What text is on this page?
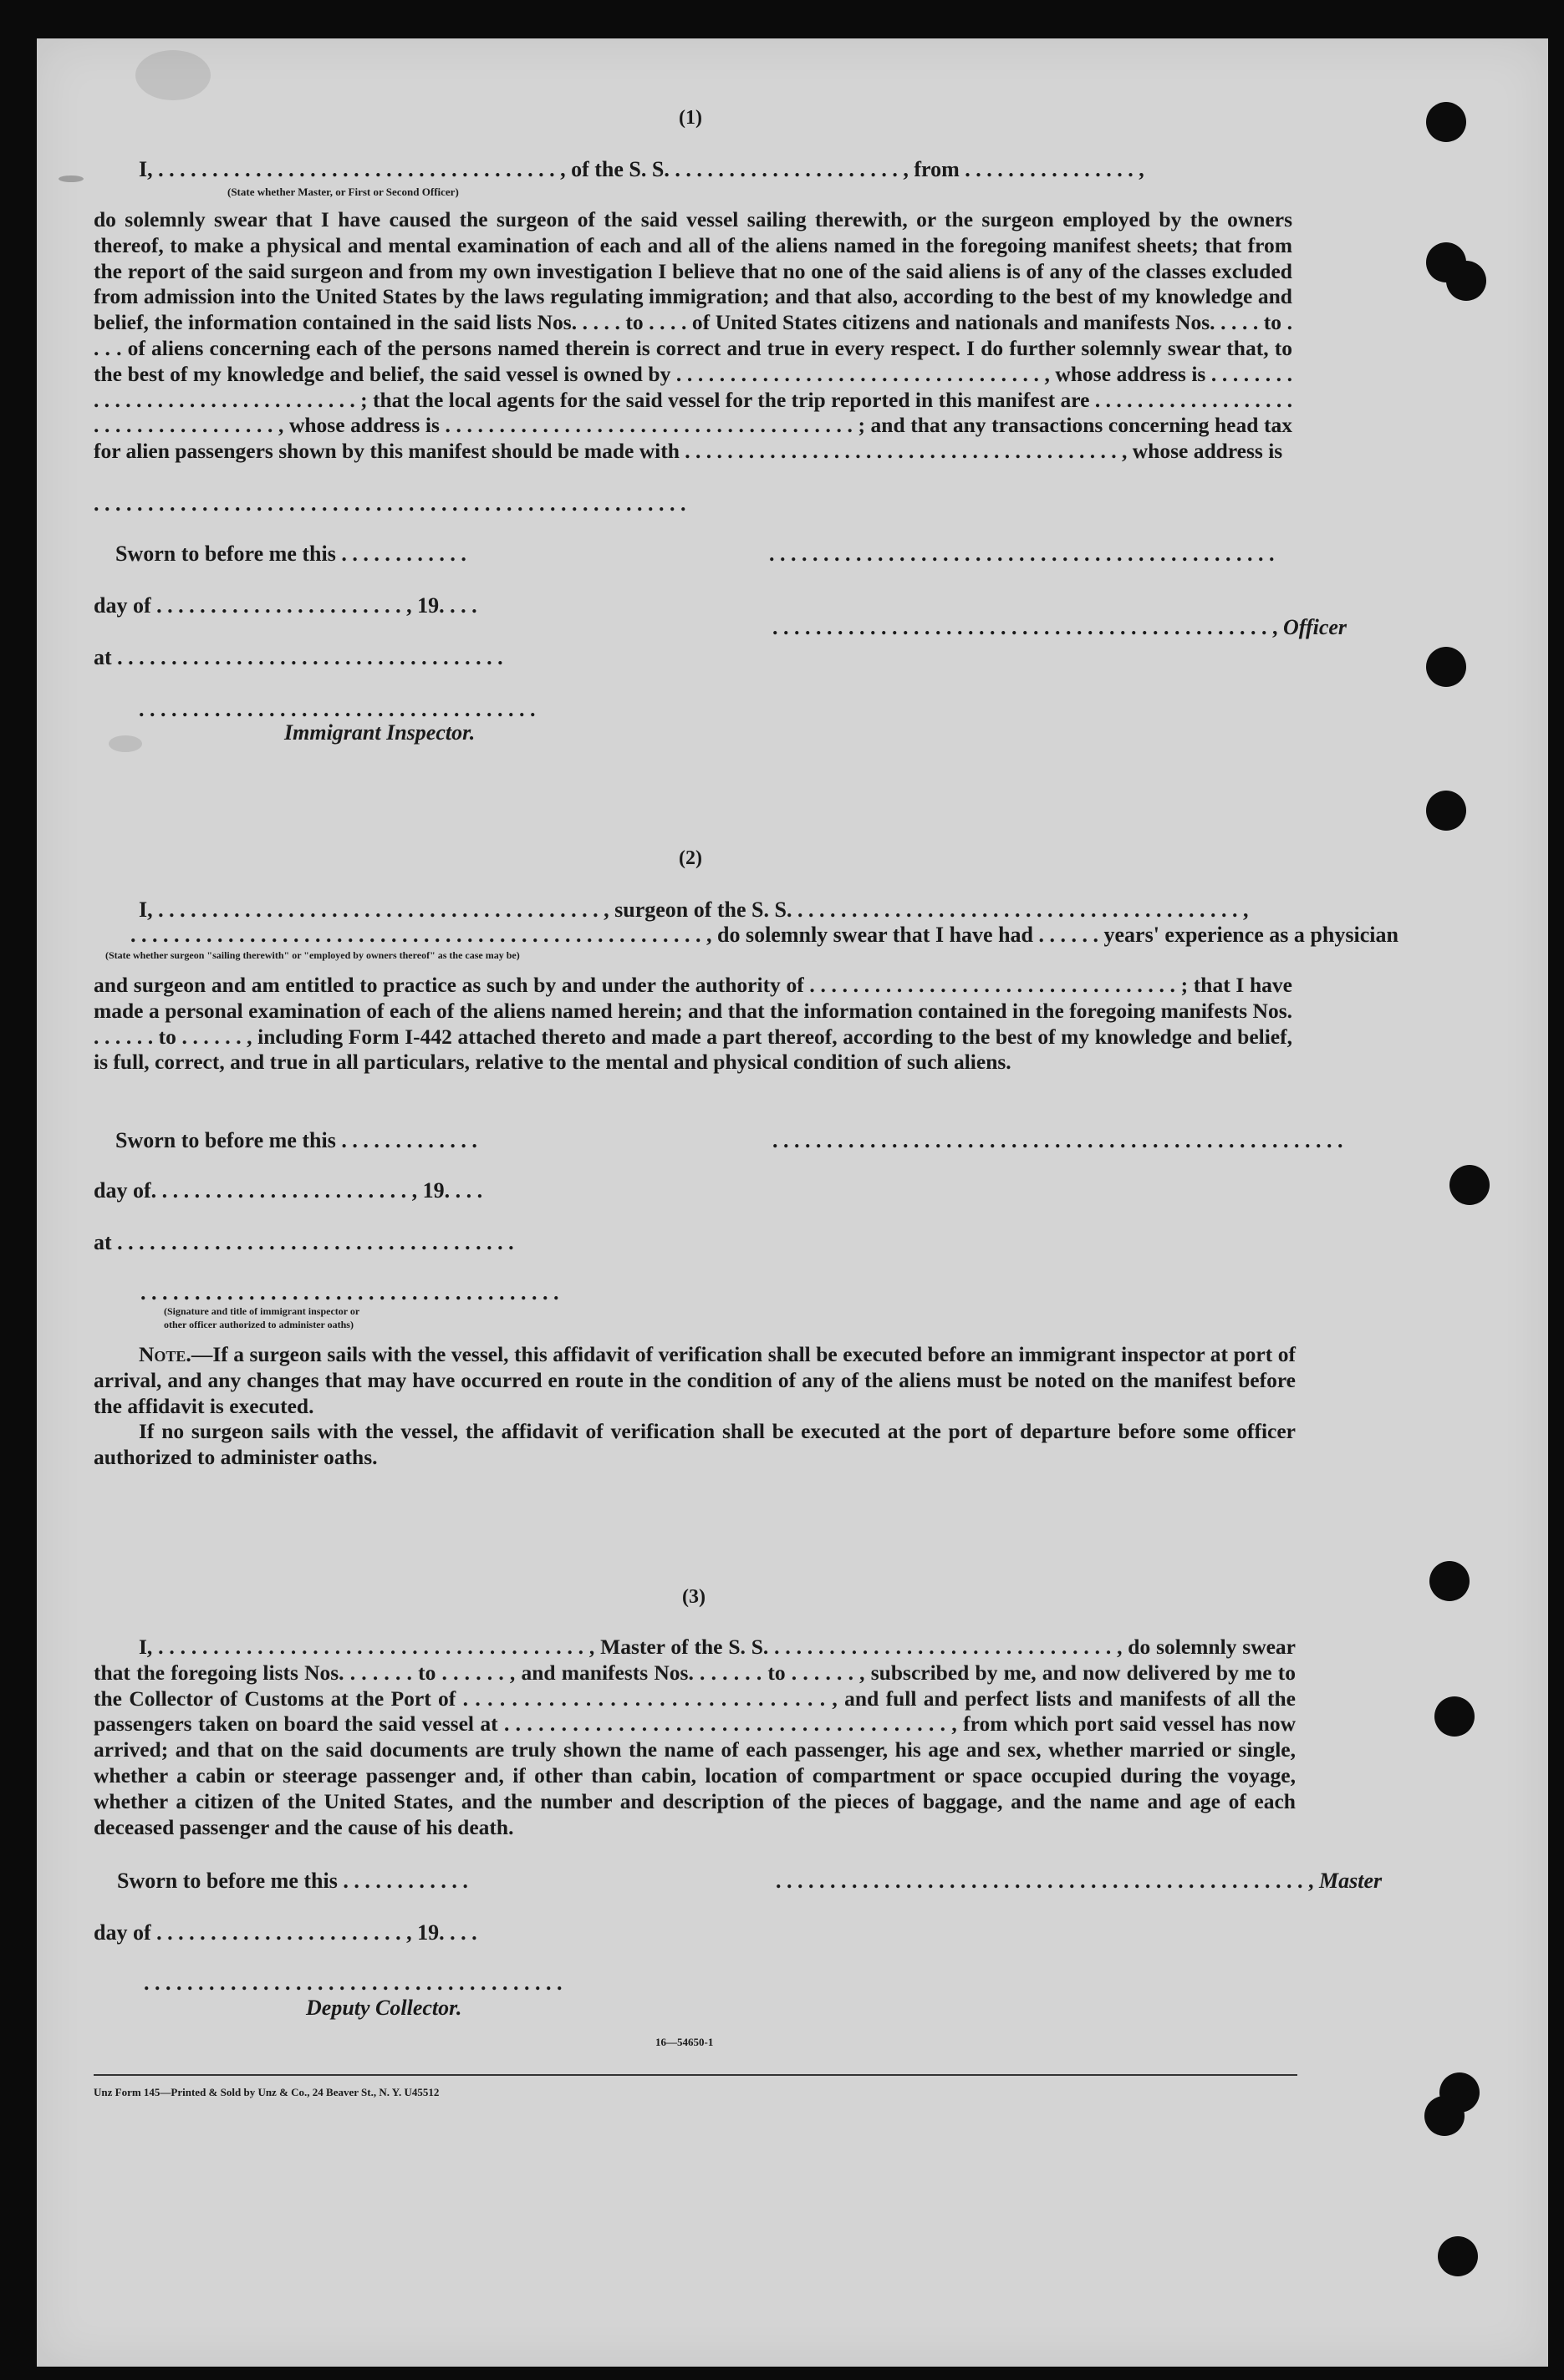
(1)
I, . . . . . . . . . . . . . . . . . . . . . . . . . . . . . . . . . . . . . , of the S. S. . . . . . . . . . . . . . . . . . . . . . , from . . . . . . . . . . . . . . . . ,
(State whether Master, or First or Second Officer)
do solemnly swear that I have caused the surgeon of the said vessel sailing therewith, or the surgeon employed by the owners thereof, to make a physical and mental examination of each and all of the aliens named in the foregoing manifest sheets; that from the report of the said surgeon and from my own investigation I believe that no one of the said aliens is of any of the classes excluded from admission into the United States by the laws regulating immigration; and that also, according to the best of my knowledge and belief, the information contained in the said lists Nos. . . . . to . . . . of United States citizens and nationals and manifests Nos. . . . . to . . . . of aliens concerning each of the persons named therein is correct and true in every respect. I do further solemnly swear that, to the best of my knowledge and belief, the said vessel is owned by . . . . . . . . . . . . . . . . . . . . . . . . . . . . . . . . . . , whose address is . . . . . . . . . . . . . . . . . . . . . . . . . . . . . . . . . ; that the local agents for the said vessel for the trip reported in this manifest are . . . . . . . . . . . . . . . . . . . . . . . . . . . . . . . . . . . . , whose address is . . . . . . . . . . . . . . . . . . . . . . . . . . . . . . . . . . . . . . ; and that any transactions concerning head tax for alien passengers shown by this manifest should be made with . . . . . . . . . . . . . . . . . . . . . . . . . . . . . . . . . . . . . . . . . , whose address is
. . . . . . . . . . . . . . . . . . . . . . . . . . . . . . . . . . . . . . . . . . . . . . . . . . . . . . .
Sworn to before me this . . . . . . . . . . . .	. . . . . . . . . . . . . . . . . . . . . . . . . . . . . . . . . . . . . . . . . . . . . . .
day of . . . . . . . . . . . . . . . . . . . . . . . , 19. . . .
. . . . . . . . . . . . . . . . . . . . . . . . . . . . . . . . . . . . . . . . . . . . . . , Officer
at . . . . . . . . . . . . . . . . . . . . . . . . . . . . . . . . . . . .
. . . . . . . . . . . . . . . . . . . . . . . . . . . . . . . . . . . . .
Immigrant Inspector.
(2)
I, . . . . . . . . . . . . . . . . . . . . . . . . . . . . . . . . . . . . . . . . . , surgeon of the S. S. . . . . . . . . . . . . . . . . . . . . . . . . . . . . . . . . . . . . . . . . . ,
. . . . . . . . . . . . . . . . . . . . . . . . . . . . . . . . . . . . . . . . . . . . . . . . . . . . . , do solemnly swear that I have had . . . . . . years' experience as a physician
(State whether surgeon "sailing therewith" or "employed by owners thereof" as the case may be)
and surgeon and am entitled to practice as such by and under the authority of . . . . . . . . . . . . . . . . . . . . . . . . . . . . . . . . . . ; that I have made a personal examination of each of the aliens named herein; and that the information contained in the foregoing manifests Nos. . . . . . . to . . . . . . , including Form I-442 attached thereto and made a part thereof, according to the best of my knowledge and belief, is full, correct, and true in all particulars, relative to the mental and physical condition of such aliens.
Sworn to before me this . . . . . . . . . . . . .	. . . . . . . . . . . . . . . . . . . . . . . . . . . . . . . . . . . . . . . . . . . . . . . . . . . . .
day of. . . . . . . . . . . . . . . . . . . . . . . . , 19. . . .
at . . . . . . . . . . . . . . . . . . . . . . . . . . . . . . . . . . . . .
. . . . . . . . . . . . . . . . . . . . . . . . . . . . . . . . . . . . . . .
(Signature and title of immigrant inspector or
other officer authorized to administer oaths)
Note.—If a surgeon sails with the vessel, this affidavit of verification shall be executed before an immigrant inspector at port of arrival, and any changes that may have occurred en route in the condition of any of the aliens must be noted on the manifest before the affidavit is executed.
If no surgeon sails with the vessel, the affidavit of verification shall be executed at the port of departure before some officer authorized to administer oaths.
(3)
I, . . . . . . . . . . . . . . . . . . . . . . . . . . . . . . . . . . . . . . . , Master of the S. S. . . . . . . . . . . . . . . . . . . . . . . . . . . . . . . . , do solemnly swear that the foregoing lists Nos. . . . . . . to . . . . . . , and manifests Nos. . . . . . . to . . . . . . , subscribed by me, and now delivered by me to the Collector of Customs at the Port of . . . . . . . . . . . . . . . . . . . . . . . . . . . . . . , and full and perfect lists and manifests of all the passengers taken on board the said vessel at . . . . . . . . . . . . . . . . . . . . . . . . . . . . . . . . . . . . . . . , from which port said vessel has now arrived; and that on the said documents are truly shown the name of each passenger, his age and sex, whether married or single, whether a cabin or steerage passenger and, if other than cabin, location of compartment or space occupied during the voyage, whether a citizen of the United States, and the number and description of the pieces of baggage, and the name and age of each deceased passenger and the cause of his death.
Sworn to before me this . . . . . . . . . . . .	. . . . . . . . . . . . . . . . . . . . . . . . . . . . . . . . . . . . . . . . . . . . . . . . . , Master
day of . . . . . . . . . . . . . . . . . . . . . . . , 19. . . .
. . . . . . . . . . . . . . . . . . . . . . . . . . . . . . . . . . . . . . .
Deputy Collector.
16—54650-1
Unz Form 145—Printed & Sold by Unz & Co., 24 Beaver St., N. Y. U45512
